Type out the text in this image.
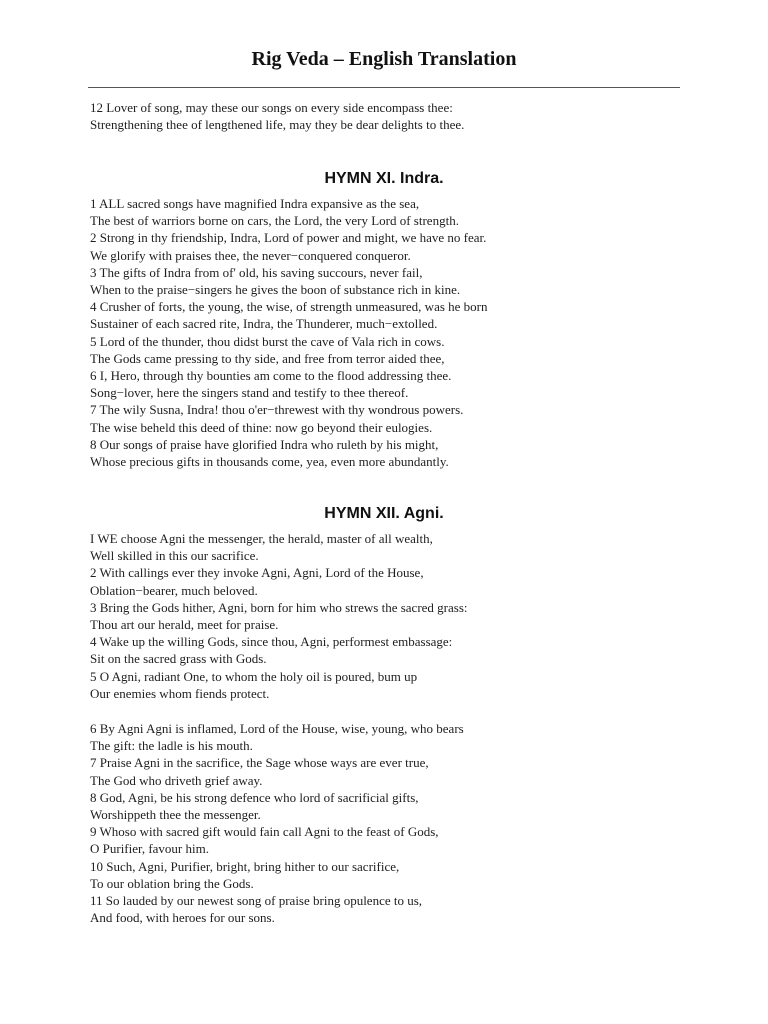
Rig Veda – English Translation
12 Lover of song, may these our songs on every side encompass thee:
Strengthening thee of lengthened life, may they be dear delights to thee.
HYMN XI. Indra.
1 ALL sacred songs have magnified Indra expansive as the sea,
The best of warriors borne on cars, the Lord, the very Lord of strength.
2 Strong in thy friendship, Indra, Lord of power and might, we have no fear.
We glorify with praises thee, the never−conquered conqueror.
3 The gifts of Indra from of' old, his saving succours, never fail,
When to the praise−singers he gives the boon of substance rich in kine.
4 Crusher of forts, the young, the wise, of strength unmeasured, was he born
Sustainer of each sacred rite, Indra, the Thunderer, much−extolled.
5 Lord of the thunder, thou didst burst the cave of Vala rich in cows.
The Gods came pressing to thy side, and free from terror aided thee,
6 I, Hero, through thy bounties am come to the flood addressing thee.
Song−lover, here the singers stand and testify to thee thereof.
7 The wily Susna, Indra! thou o'er−threwest with thy wondrous powers.
The wise beheld this deed of thine: now go beyond their eulogies.
8 Our songs of praise have glorified Indra who ruleth by his might,
Whose precious gifts in thousands come, yea, even more abundantly.
HYMN XII. Agni.
I WE choose Agni the messenger, the herald, master of all wealth,
Well skilled in this our sacrifice.
2 With callings ever they invoke Agni, Agni, Lord of the House,
Oblation−bearer, much beloved.
3 Bring the Gods hither, Agni, born for him who strews the sacred grass:
Thou art our herald, meet for praise.
4 Wake up the willing Gods, since thou, Agni, performest embassage:
Sit on the sacred grass with Gods.
5 O Agni, radiant One, to whom the holy oil is poured, bum up
Our enemies whom fiends protect.
6 By Agni Agni is inflamed, Lord of the House, wise, young, who bears
The gift: the ladle is his mouth.
7 Praise Agni in the sacrifice, the Sage whose ways are ever true,
The God who driveth grief away.
8 God, Agni, be his strong defence who lord of sacrificial gifts,
Worshippeth thee the messenger.
9 Whoso with sacred gift would fain call Agni to the feast of Gods,
O Purifier, favour him.
10 Such, Agni, Purifier, bright, bring hither to our sacrifice,
To our oblation bring the Gods.
11 So lauded by our newest song of praise bring opulence to us,
And food, with heroes for our sons.
